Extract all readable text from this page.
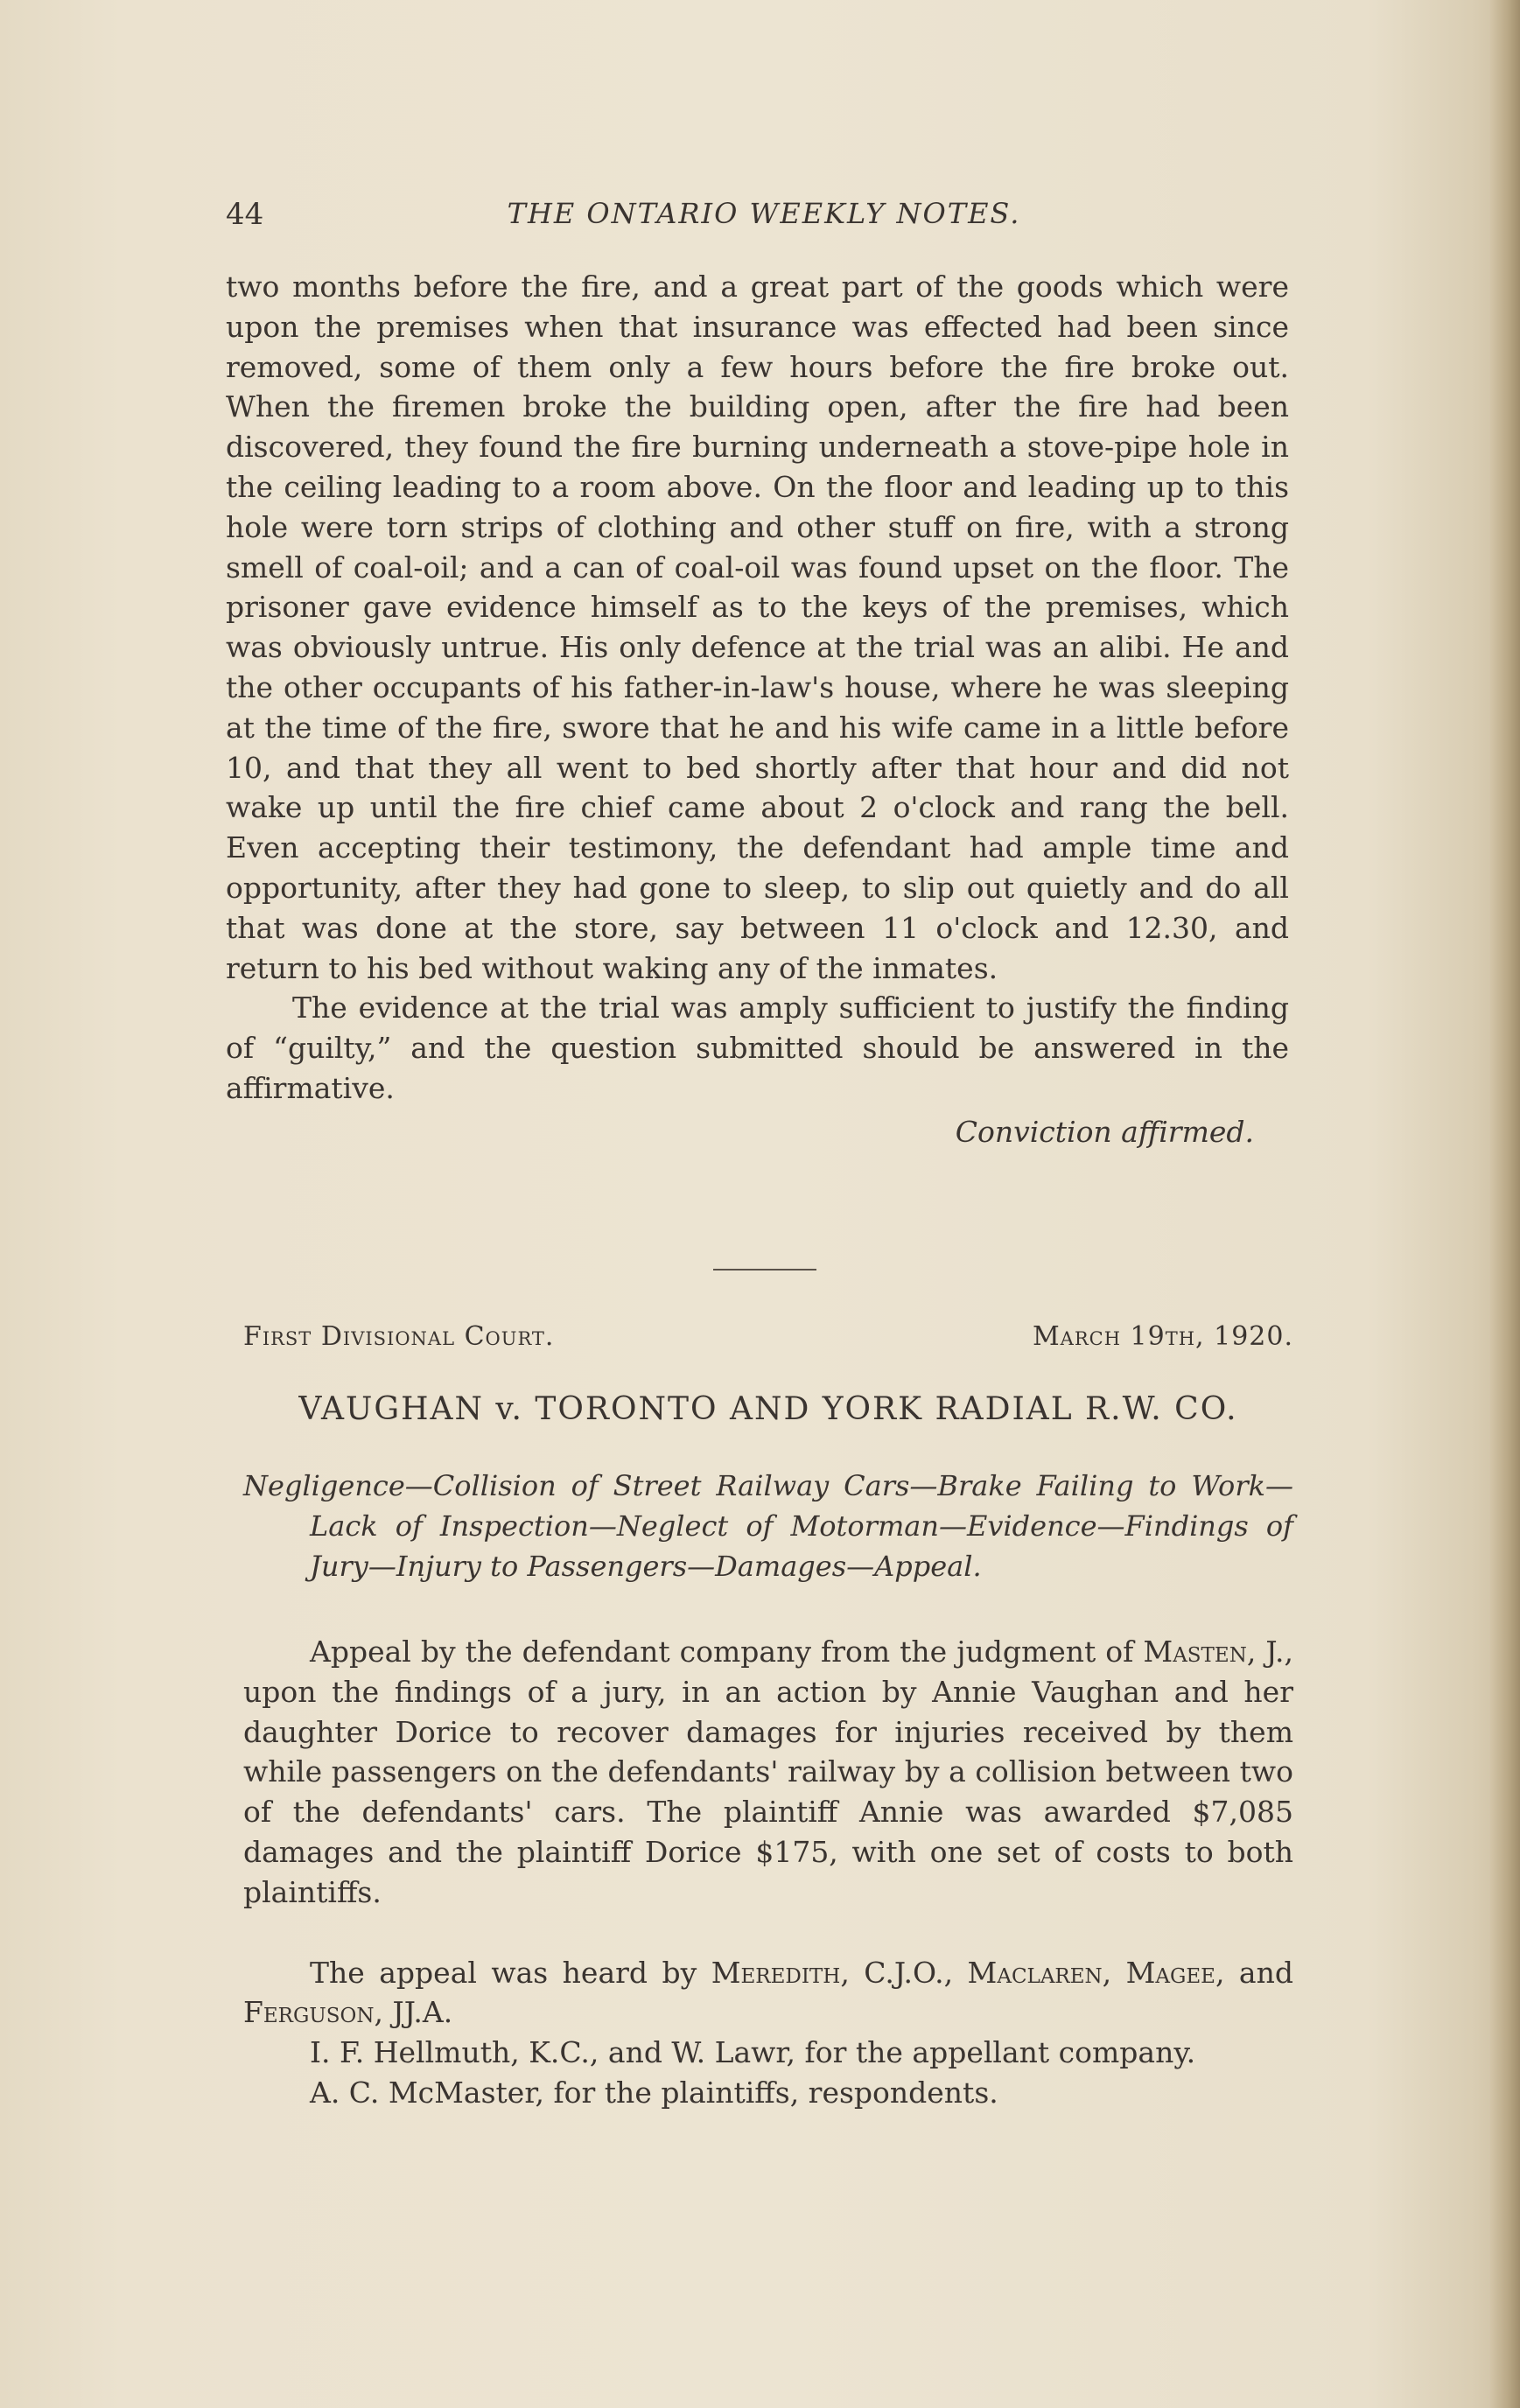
44	THE ONTARIO WEEKLY NOTES.

two months before the fire, and a great part of the goods which were upon the premises when that insurance was effected had been since removed, some of them only a few hours before the fire broke out. When the firemen broke the building open, after the fire had been discovered, they found the fire burning underneath a stove-pipe hole in the ceiling leading to a room above. On the floor and leading up to this hole were torn strips of clothing and other stuff on fire, with a strong smell of coal-oil; and a can of coal-oil was found upset on the floor. The prisoner gave evidence himself as to the keys of the premises, which was obviously untrue. His only defence at the trial was an alibi. He and the other occupants of his father-in-law's house, where he was sleeping at the time of the fire, swore that he and his wife came in a little before 10, and that they all went to bed shortly after that hour and did not wake up until the fire chief came about 2 o'clock and rang the bell. Even accepting their testimony, the defendant had ample time and opportunity, after they had gone to sleep, to slip out quietly and do all that was done at the store, say between 11 o'clock and 12.30, and return to his bed without waking any of the inmates.

The evidence at the trial was amply sufficient to justify the finding of “guilty,” and the question submitted should be answered in the affirmative.

Conviction affirmed.
First Divisional Court.	March 19th, 1920.
VAUGHAN v. TORONTO AND YORK RADIAL R.W. CO.

Negligence—Collision of Street Railway Cars—Brake Failing to Work—Lack of Inspection—Neglect of Motorman—Evidence—Findings of Jury—Injury to Passengers—Damages—Appeal.

Appeal by the defendant company from the judgment of Masten, J., upon the findings of a jury, in an action by Annie Vaughan and her daughter Dorice to recover damages for injuries received by them while passengers on the defendants' railway by a collision between two of the defendants' cars. The plaintiff Annie was awarded $7,085 damages and the plaintiff Dorice $175, with one set of costs to both plaintiffs.

The appeal was heard by Meredith, C.J.O., Maclaren, Magee, and Ferguson, JJ.A.

I. F. Hellmuth, K.C., and W. Lawr, for the appellant company.

A. C. McMaster, for the plaintiffs, respondents.
